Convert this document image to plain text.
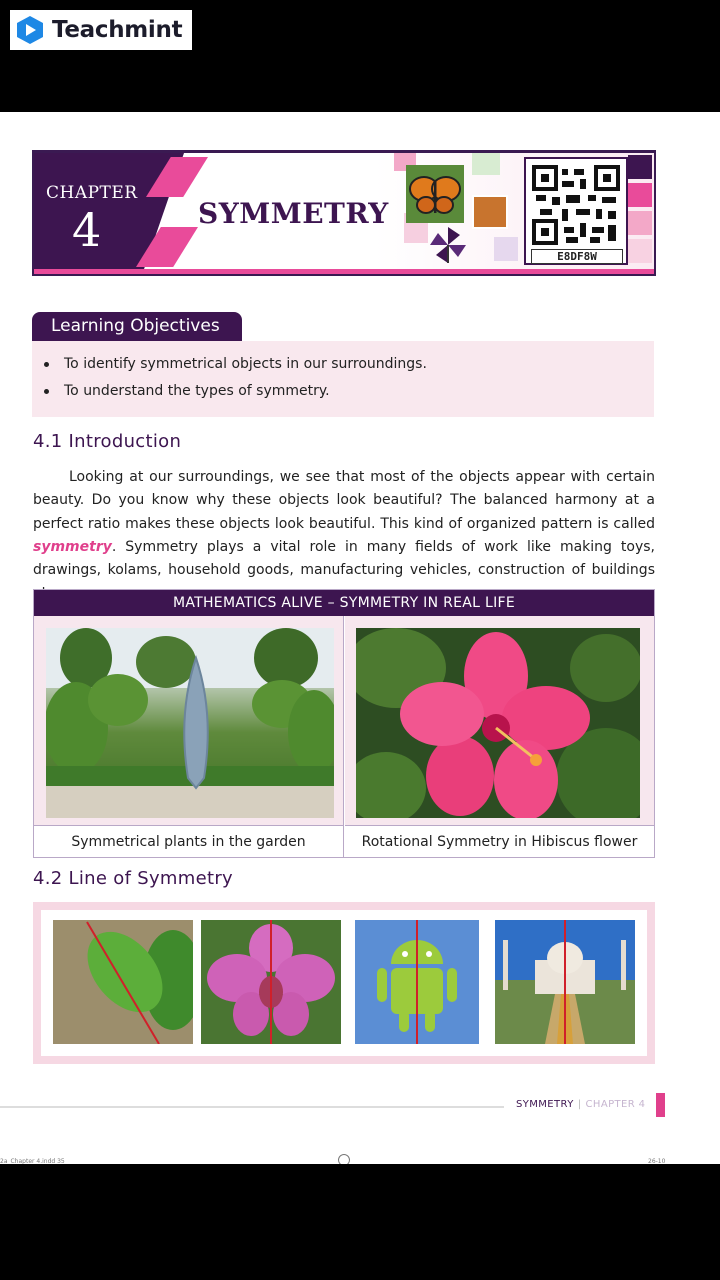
Teachmint
CHAPTER
4	SYMMETRY
E8DF8W
Learning Objectives
To identify symmetrical objects in our surroundings.
To understand the types of symmetry.
4.1 Introduction

Looking at our surroundings, we see that most of the objects appear with certain beauty. Do you know why these objects look beautiful? The balanced harmony at a perfect ratio makes these objects look beautiful. This kind of organized pattern is called symmetry. Symmetry plays a vital role in many fields of work like making toys, drawings, kolams, household goods, manufacturing vehicles, construction of buildings

MATHEMATICS ALIVE – SYMMETRY IN REAL LIFE
Symmetrical plants in the garden	Rotational Symmetry in Hibiscus flower
4.2 Line of Symmetry
SYMMETRY | CHAPTER 4
2a_Chapter 4.indd 35	26-10
